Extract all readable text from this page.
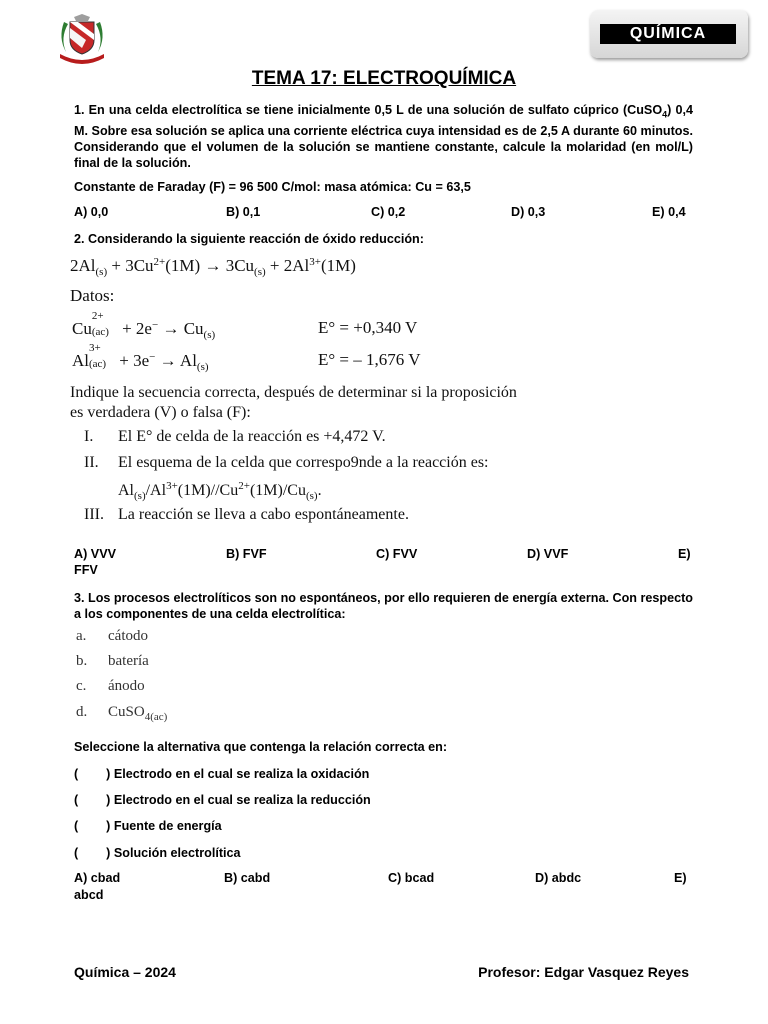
QUÍMICA
TEMA 17: ELECTROQUÍMICA
1. En una celda electrolítica se tiene inicialmente 0,5 L de una solución de sulfato cúprico (CuSO$_4$) 0,4 M. Sobre esa solución se aplica una corriente eléctrica cuya intensidad es de 2,5 A durante 60 minutos. Considerando que el volumen de la solución se mantiene constante, calcule la molaridad (en mol/L) final de la solución.
Constante de Faraday (F) = 96 500 C/mol: masa atómica: Cu = 63,5
A) 0,0	B) 0,1	C) 0,2	D) 0,3	E) 0,4
2. Considerando la siguiente reacción de óxido reducción:
$2Al_{(s)} + 3Cu^{2+}(1M) \to 3Cu_{(s)} + 2Al^{3+}(1M)$
Datos:
Cu
2+
$(ac) + 2e^- \to Cu_{(s)}$	E° = +0,340 V
Al
3+
$(ac) + 3e^- \to Al_{(s)}$	E° = – 1,676 V
Indique la secuencia correcta, después de determinar si la proposición
es verdadera (V) o falsa (F):
I. El E° de celda de la reacción es +4,472 V.
II. El esquema de la celda que correspo9nde a la reacción es:
$Al_{(s)}/Al^{3+}(1M)//Cu^{2+}(1M)/Cu_{(s)}$.
III. La reacción se lleva a cabo espontáneamente.
A) VVV	B) FVF	C) FVV	D) VVF	E)
FFV
3. Los procesos electrolíticos son no espontáneos, por ello requieren de energía externa. Con respecto a los componentes de una celda electrolítica:
a. cátodo
b. batería
c. ánodo
d. CuSO$_{4(ac)}$
Seleccione la alternativa que contenga la relación correcta en:
(        ) Electrodo en el cual se realiza la oxidación
(        ) Electrodo en el cual se realiza la reducción
(        ) Fuente de energía
(        ) Solución electrolítica
A) cbad	B) cabd	C) bcad	D) abdc	E)
abcd
Química – 2024	Profesor: Edgar Vasquez Reyes
